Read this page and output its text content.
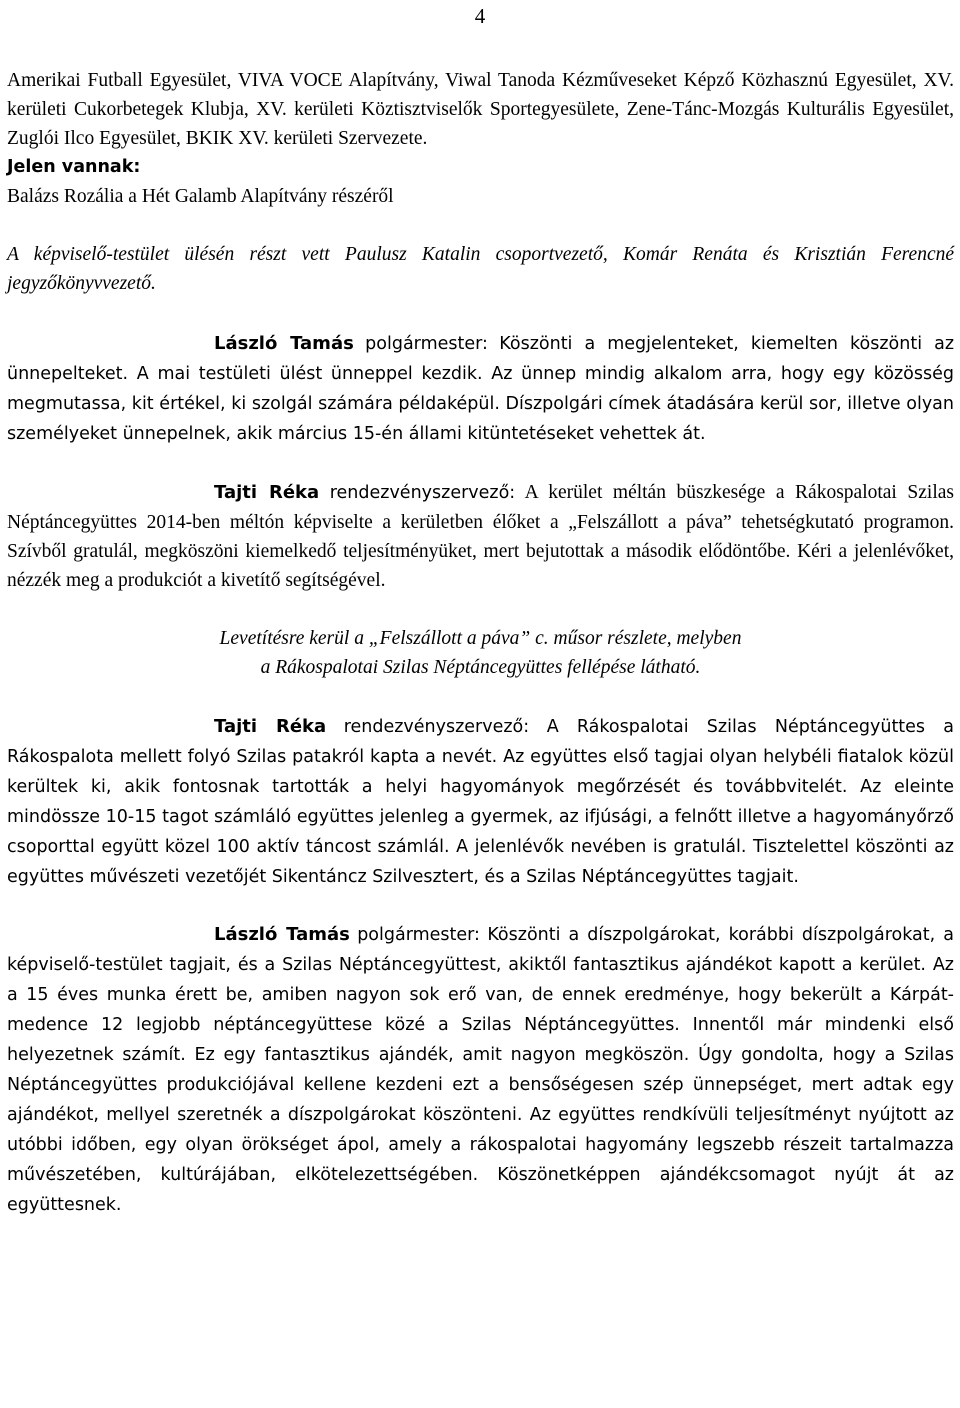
4

Amerikai Futball Egyesület, VIVA VOCE Alapítvány, Viwal Tanoda Kézműveseket Képző Közhasznú Egyesület, XV. kerületi Cukorbetegek Klubja, XV. kerületi Köztisztviselők Sportegyesülete, Zene-Tánc-Mozgás Kulturális Egyesület, Zuglói Ilco Egyesület, BKIK XV. kerületi Szervezete.

Jelen vannak:
Balázs Rozália a Hét Galamb Alapítvány részéről

A képviselő-testület ülésén részt vett Paulusz Katalin csoportvezető, Komár Renáta és Krisztián Ferencné jegyzőkönyvvezető.

László Tamás polgármester: Köszönti a megjelenteket, kiemelten köszönti az ünnepelteket. A mai testületi ülést ünneppel kezdik. Az ünnep mindig alkalom arra, hogy egy közösség megmutassa, kit értékel, ki szolgál számára példaképül. Díszpolgári címek átadására kerül sor, illetve olyan személyeket ünnepelnek, akik március 15-én állami kitüntetéseket vehettek át.

Tajti Réka rendezvényszervező: A kerület méltán büszkesége a Rákospalotai Szilas Néptáncegyüttes 2014-ben méltón képviselte a kerületben élőket a „Felszállott a páva” tehetségkutató programon. Szívből gratulál, megköszöni kiemelkedő teljesítményüket, mert bejutottak a második elődöntőbe. Kéri a jelenlévőket, nézzék meg a produkciót a kivetítő segítségével.

Levetítésre kerül a „Felszállott a páva” c. műsor részlete, melyben
a Rákospalotai Szilas Néptáncegyüttes fellépése látható.

Tajti Réka rendezvényszervező: A Rákospalotai Szilas Néptáncegyüttes a Rákospalota mellett folyó Szilas patakról kapta a nevét. Az együttes első tagjai olyan helybéli fiatalok közül kerültek ki, akik fontosnak tartották a helyi hagyományok megőrzését és továbbvitelét. Az eleinte mindössze 10-15 tagot számláló együttes jelenleg a gyermek, az ifjúsági, a felnőtt illetve a hagyományőrző csoporttal együtt közel 100 aktív táncost számlál. A jelenlévők nevében is gratulál. Tisztelettel köszönti az együttes művészeti vezetőjét Sikentáncz Szilvesztert, és a Szilas Néptáncegyüttes tagjait.

László Tamás polgármester: Köszönti a díszpolgárokat, korábbi díszpolgárokat, a képviselő-testület tagjait, és a Szilas Néptáncegyüttest, akiktől fantasztikus ajándékot kapott a kerület. Az a 15 éves munka érett be, amiben nagyon sok erő van, de ennek eredménye, hogy bekerült a Kárpát-medence 12 legjobb néptáncegyüttese közé a Szilas Néptáncegyüttes. Innentől már mindenki első helyezetnek számít. Ez egy fantasztikus ajándék, amit nagyon megköszön. Úgy gondolta, hogy a Szilas Néptáncegyüttes produkciójával kellene kezdeni ezt a bensőségesen szép ünnepséget, mert adtak egy ajándékot, mellyel szeretnék a díszpolgárokat köszönteni. Az együttes rendkívüli teljesítményt nyújtott az utóbbi időben, egy olyan örökséget ápol, amely a rákospalotai hagyomány legszebb részeit tartalmazza művészetében, kultúrájában, elkötelezettségében. Köszönetképpen ajándékcsomagot nyújt át az együttesnek.
